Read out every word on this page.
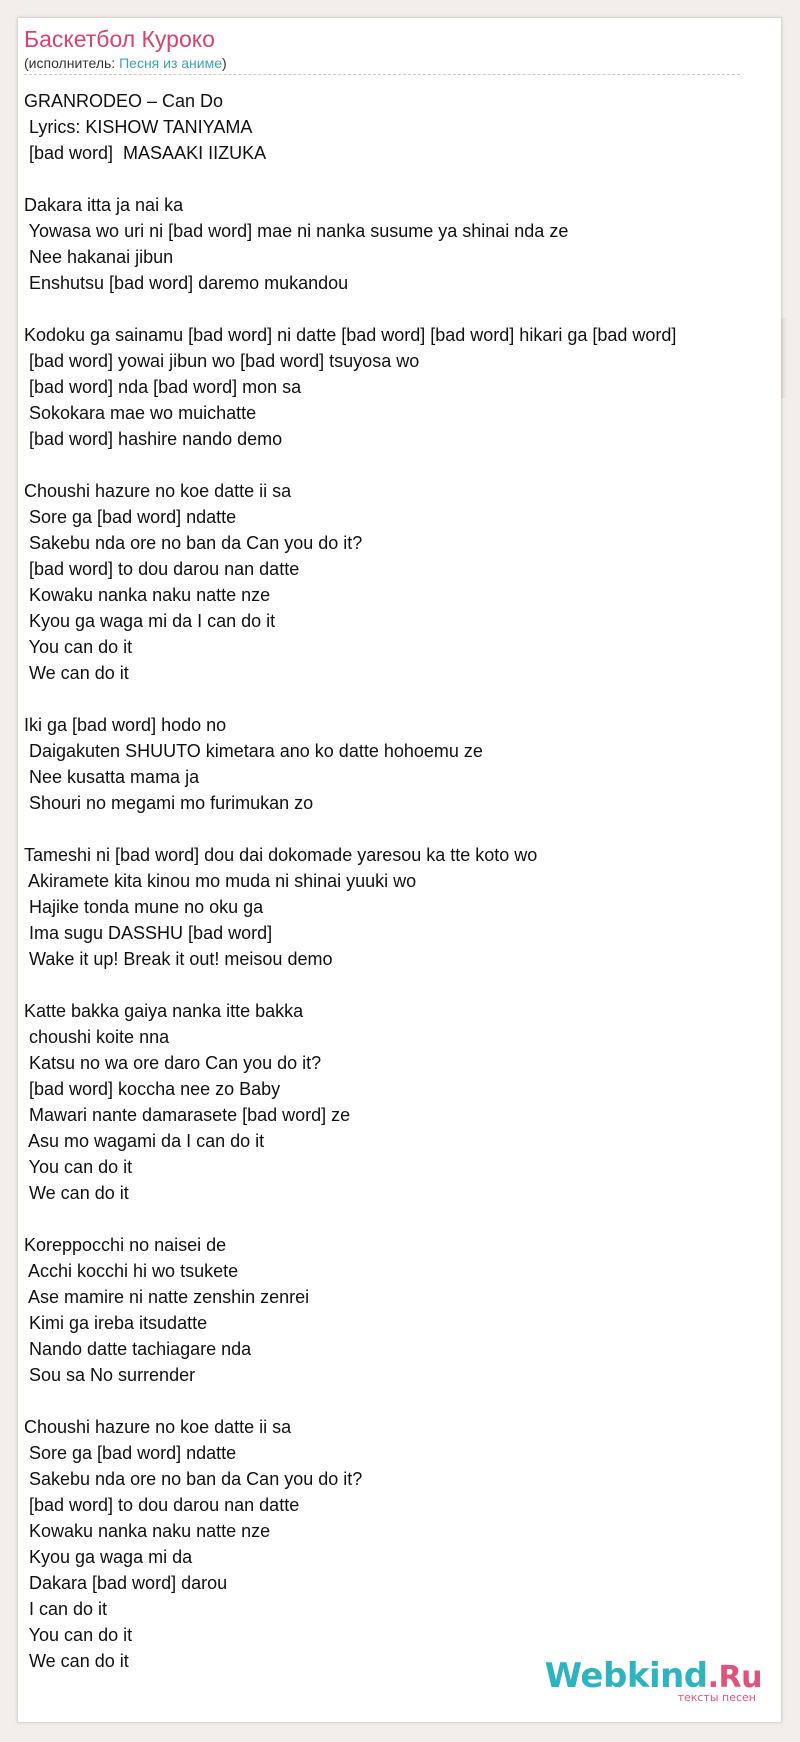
Баскетбол Куроко
(исполнитель: Песня из аниме)
GRANRODEO – Can Do
Lyrics: KISHOW TANIYAMA
[bad word]  MASAAKI IIZUKA
Dakara itta ja nai ka
Yowasa wo uri ni [bad word] mae ni nanka susume ya shinai nda ze
Nee hakanai jibun
Enshutsu [bad word] daremo mukandou
Kodoku ga sainamu [bad word] ni datte [bad word] [bad word] hikari ga [bad word]
[bad word] yowai jibun wo [bad word] tsuyosa wo
[bad word] nda [bad word] mon sa
Sokokara mae wo muichatte
[bad word] hashire nando demo
Choushi hazure no koe datte ii sa
Sore ga [bad word] ndatte
Sakebu nda ore no ban da Can you do it?
[bad word] to dou darou nan datte
Kowaku nanka naku natte nze
Kyou ga waga mi da I can do it
You can do it
We can do it
Iki ga [bad word] hodo no
Daigakuten SHUUTO kimetara ano ko datte hohoemu ze
Nee kusatta mama ja
Shouri no megami mo furimukan zo
Tameshi ni [bad word] dou dai dokomade yaresou ka tte koto wo
Akiramete kita kinou mo muda ni shinai yuuki wo
Hajike tonda mune no oku ga
Ima sugu DASSHU [bad word]
Wake it up! Break it out! meisou demo
Katte bakka gaiya nanka itte bakka
choushi koite nna
Katsu no wa ore daro Can you do it?
[bad word] koccha nee zo Baby
Mawari nante damarasete [bad word] ze
Asu mo wagami da I can do it
You can do it
We can do it
Koreppocchi no naisei de
Acchi kocchi hi wo tsukete
Ase mamire ni natte zenshin zenrei
Kimi ga ireba itsudatte
Nando datte tachiagare nda
Sou sa No surrender
Choushi hazure no koe datte ii sa
Sore ga [bad word] ndatte
Sakebu nda ore no ban da Can you do it?
[bad word] to dou darou nan datte
Kowaku nanka naku natte nze
Kyou ga waga mi da
Dakara [bad word] darou
I can do it
You can do it
We can do it	Webkind.Ru
тексты песен
